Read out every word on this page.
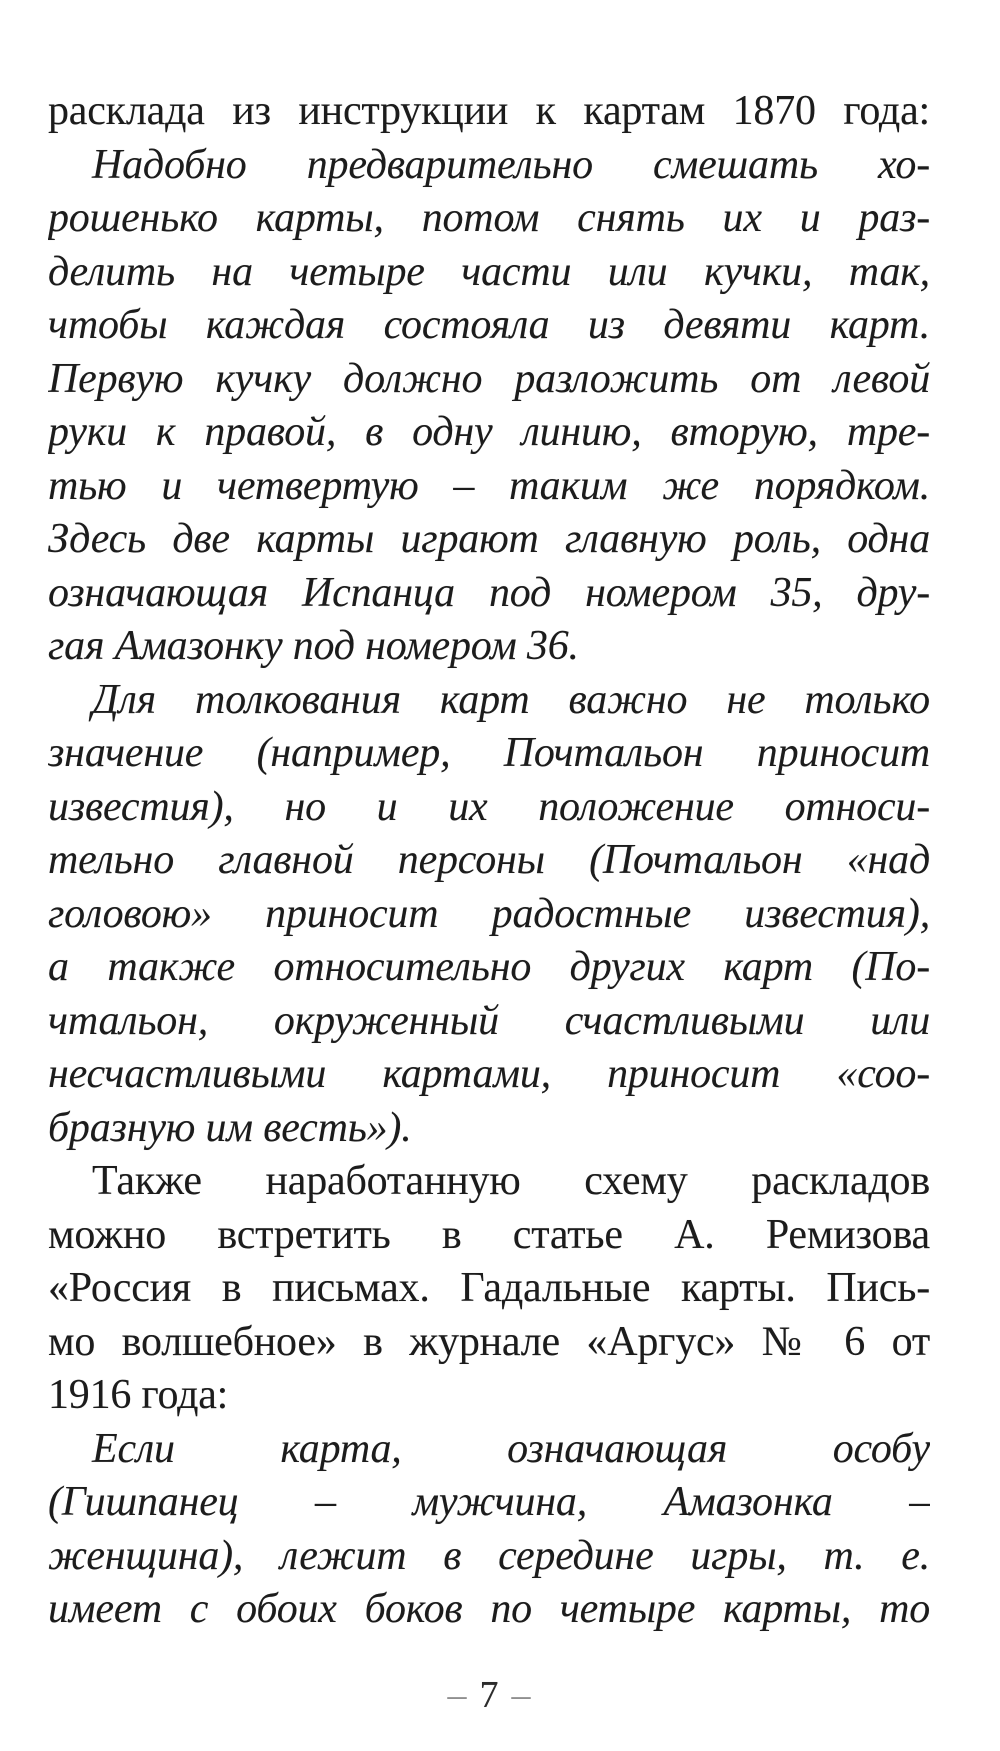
расклада из инструкции к картам 1870 года:
Надобно предварительно смешать хо-
рошенько карты, потом снять их и раз-
делить на четыре части или кучки, так,
чтобы каждая состояла из девяти карт.
Первую кучку должно разложить от левой
руки к правой, в одну линию, вторую, тре-
тью и четвертую – таким же порядком.
Здесь две карты играют главную роль, одна
означающая Испанца под номером 35, дру-
гая Амазонку под номером 36.
Для толкования карт важно не только
значение (например, Почтальон приносит
известия), но и их положение относи-
тельно главной персоны (Почтальон «над
головою» приносит радостные известия),
а также относительно других карт (По-
чтальон, окруженный счастливыми или
несчастливыми картами, приносит «соо-
бразную им весть»).
Также наработанную схему раскладов
можно встретить в статье А. Ремизова
«Россия в письмах. Гадальные карты. Пись-
мо волшебное» в журнале «Аргус» № 6 от
1916 года:
Если карта, означающая особу
(Гишпанец – мужчина, Амазонка –
женщина), лежит в середине игры, т. е.
имеет с обоих боков по четыре карты, то
– 7 –
